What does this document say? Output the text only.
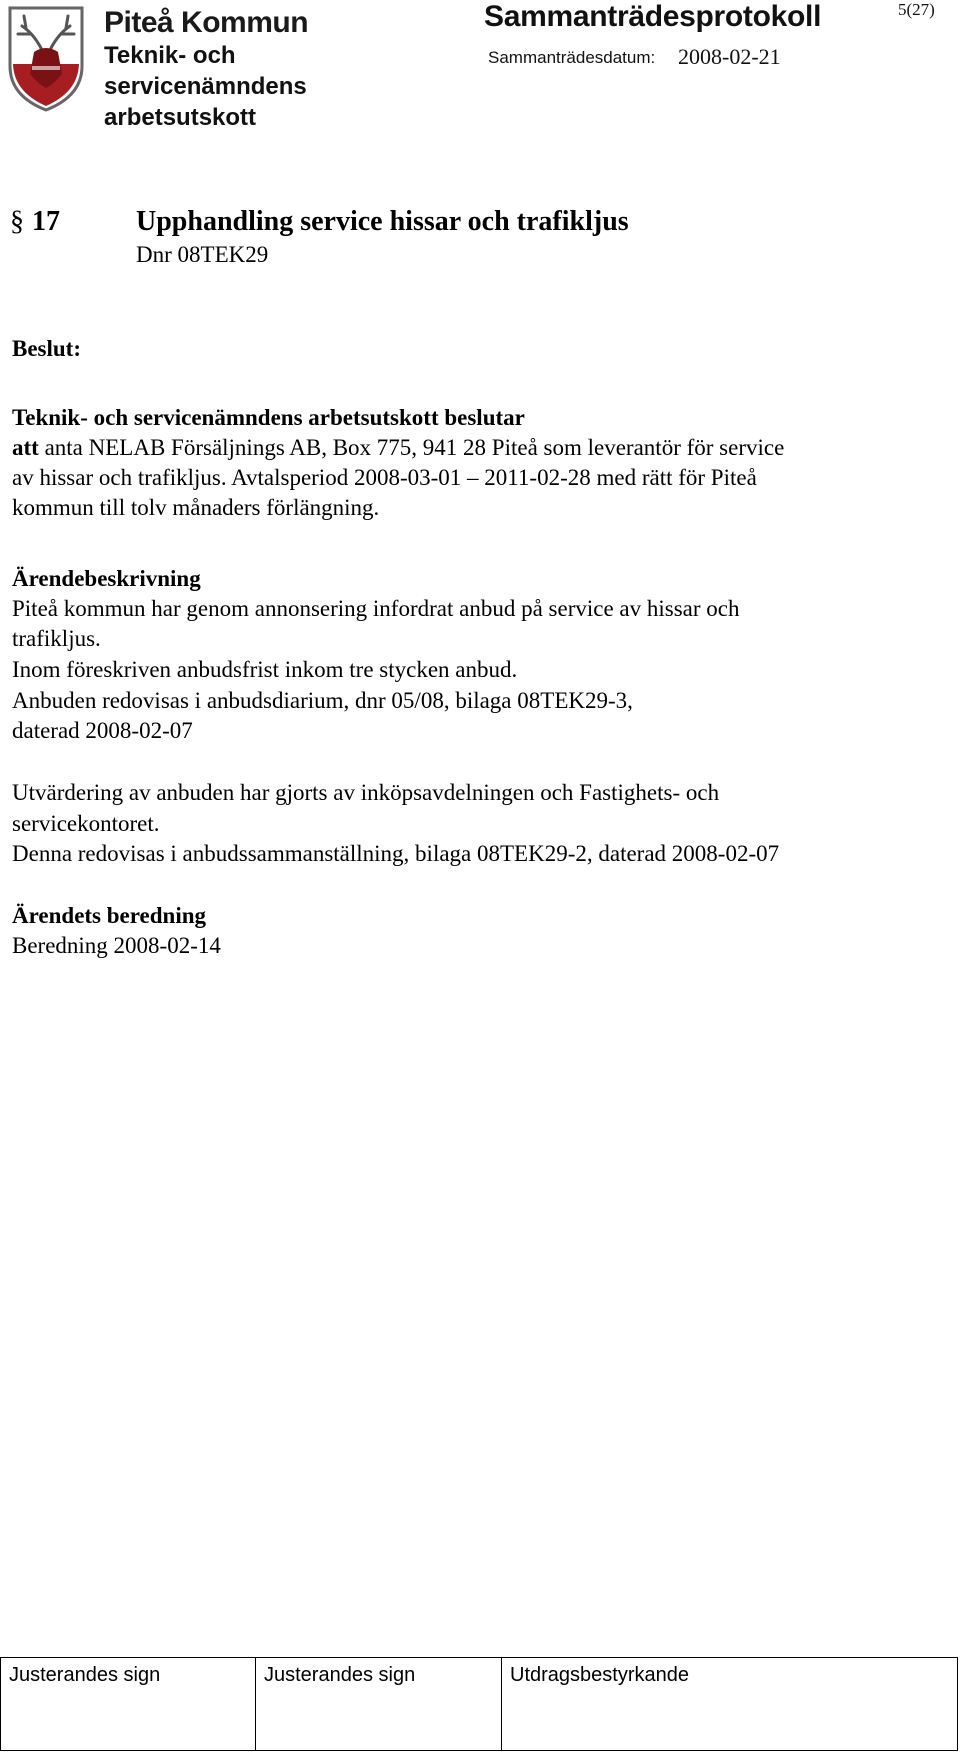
Piteå Kommun
Teknik- och
servicenämndens
arbetsutskott
Sammanträdesprotokoll
Sammanträdesdatum: 2008-02-21
5(27)
§ 17	Upphandling service hissar och trafikljus
Dnr 08TEK29
Beslut:
Teknik- och servicenämndens arbetsutskott beslutar
att anta NELAB Försäljnings AB, Box 775, 941 28 Piteå som leverantör för service
av hissar och trafikljus. Avtalsperiod 2008-03-01 – 2011-02-28 med rätt för Piteå
kommun till tolv månaders förlängning.
Ärendebeskrivning
Piteå kommun har genom annonsering infordrat anbud på service av hissar och
trafikljus.
Inom föreskriven anbudsfrist inkom tre stycken anbud.
Anbuden redovisas i anbudsdiarium, dnr 05/08, bilaga 08TEK29-3,
daterad 2008-02-07
Utvärdering av anbuden har gjorts av inköpsavdelningen och Fastighets- och
servicekontoret.
Denna redovisas i anbudssammanställning, bilaga 08TEK29-2, daterad 2008-02-07
Ärendets beredning
Beredning 2008-02-14
Justerandes sign	Justerandes sign	Utdragsbestyrkande
